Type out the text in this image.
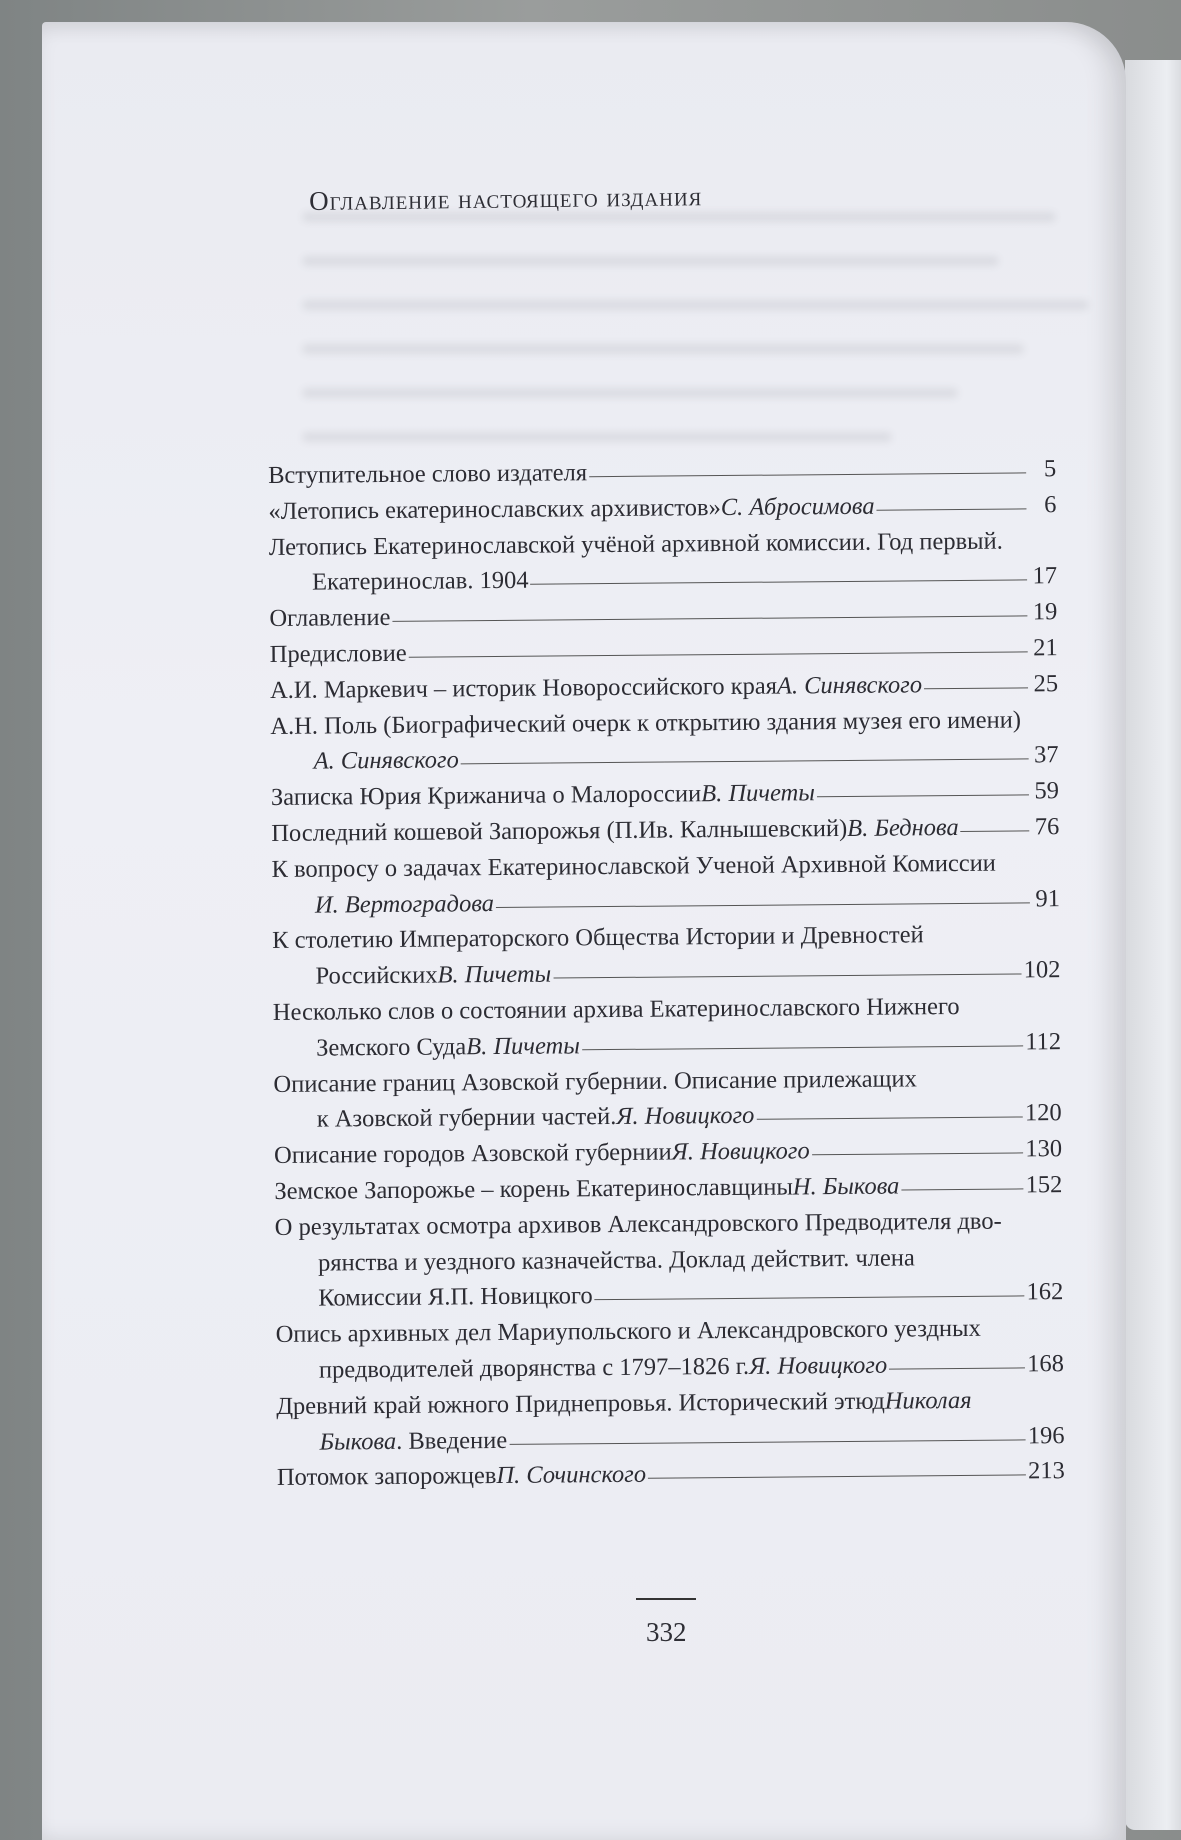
Оглавление настоящего издания
Вступительное слово издателя	5
«Летопись екатеринославских архивистов» С. Абросимова	6
Летопись Екатеринославской учёной архивной комиссии. Год первый.
Екатеринослав. 1904	17
Оглавление	19
Предисловие	21
А.И. Маркевич – историк Новороссийского края А. Синявского	25
А.Н. Поль (Биографический очерк к открытию здания музея его имени)
А. Синявского	37
Записка Юрия Крижанича о Малороссии В. Пичеты	59
Последний кошевой Запорожья (П.Ив. Калнышевский) В. Беднова	76
К вопросу о задачах Екатеринославской Ученой Архивной Комиссии
И. Вертоградова	91
К столетию Императорского Общества Истории и Древностей
Российских В. Пичеты	102
Несколько слов о состоянии архива Екатеринославского Нижнего
Земского Суда В. Пичеты	112
Описание границ Азовской губернии. Описание прилежащих
к Азовской губернии частей. Я. Новицкого	120
Описание городов Азовской губернии Я. Новицкого	130
Земское Запорожье – корень Екатеринославщины Н. Быкова	152
О результатах осмотра архивов Александровского Предводителя дво-
рянства и уездного казначейства. Доклад действит. члена
Комиссии Я.П. Новицкого	162
Опись архивных дел Мариупольского и Александровского уездных
предводителей дворянства с 1797–1826 г. Я. Новицкого	168
Древний край южного Приднепровья. Исторический этюд Николая
Быкова . Введение	196
Потомок запорожцев П. Сочинского	213
332
